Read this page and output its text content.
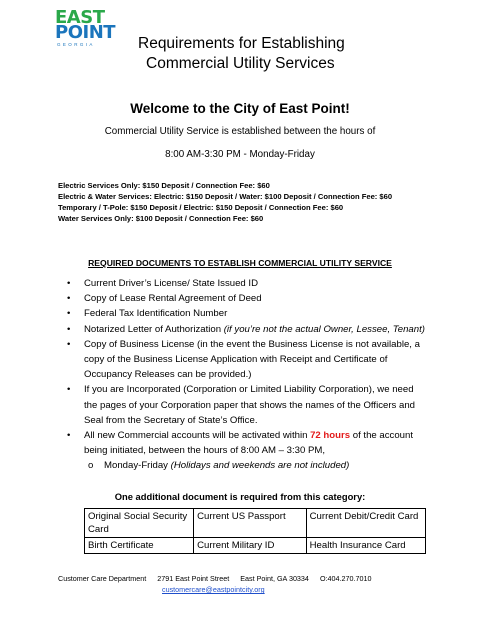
EAST
POINT
GEORGIA	Requirements for Establishing
Commercial Utility Services
Welcome to the City of East Point!
Commercial Utility Service is established between the hours of
8:00 AM-3:30 PM - Monday-Friday
Electric Services Only: $150 Deposit / Connection Fee: $60
Electric & Water Services: Electric: $150 Deposit / Water: $100 Deposit / Connection Fee: $60
Temporary / T-Pole: $150 Deposit / Electric: $150 Deposit / Connection Fee: $60
Water Services Only: $100 Deposit / Connection Fee: $60
REQUIRED DOCUMENTS TO ESTABLISH COMMERCIAL UTILITY SERVICE
• Current Driver’s License/ State Issued ID
• Copy of Lease Rental Agreement of Deed
• Federal Tax Identification Number
• Notarized Letter of Authorization (if you’re not the actual Owner, Lessee, Tenant)
• Copy of Business License (in the event the Business License is not available, a copy of the Business License Application with Receipt and Certificate of Occupancy Releases can be provided.)
• If you are Incorporated (Corporation or Limited Liability Corporation), we need the pages of your Corporation paper that shows the names of the Officers and Seal from the Secretary of State’s Office.
• All new Commercial accounts will be activated within 72 hours of the account being initiated, between the hours of 8:00 AM – 3:30 PM,
o Monday-Friday (Holidays and weekends are not included)
One additional document is required from this category:
Original Social Security Card	Current US Passport	Current Debit/Credit Card
Birth Certificate	Current Military ID	Health Insurance Card
Customer Care Department 2791 East Point Street East Point, GA 30334 O:404.270.7010
customercare@eastpointcity.org
